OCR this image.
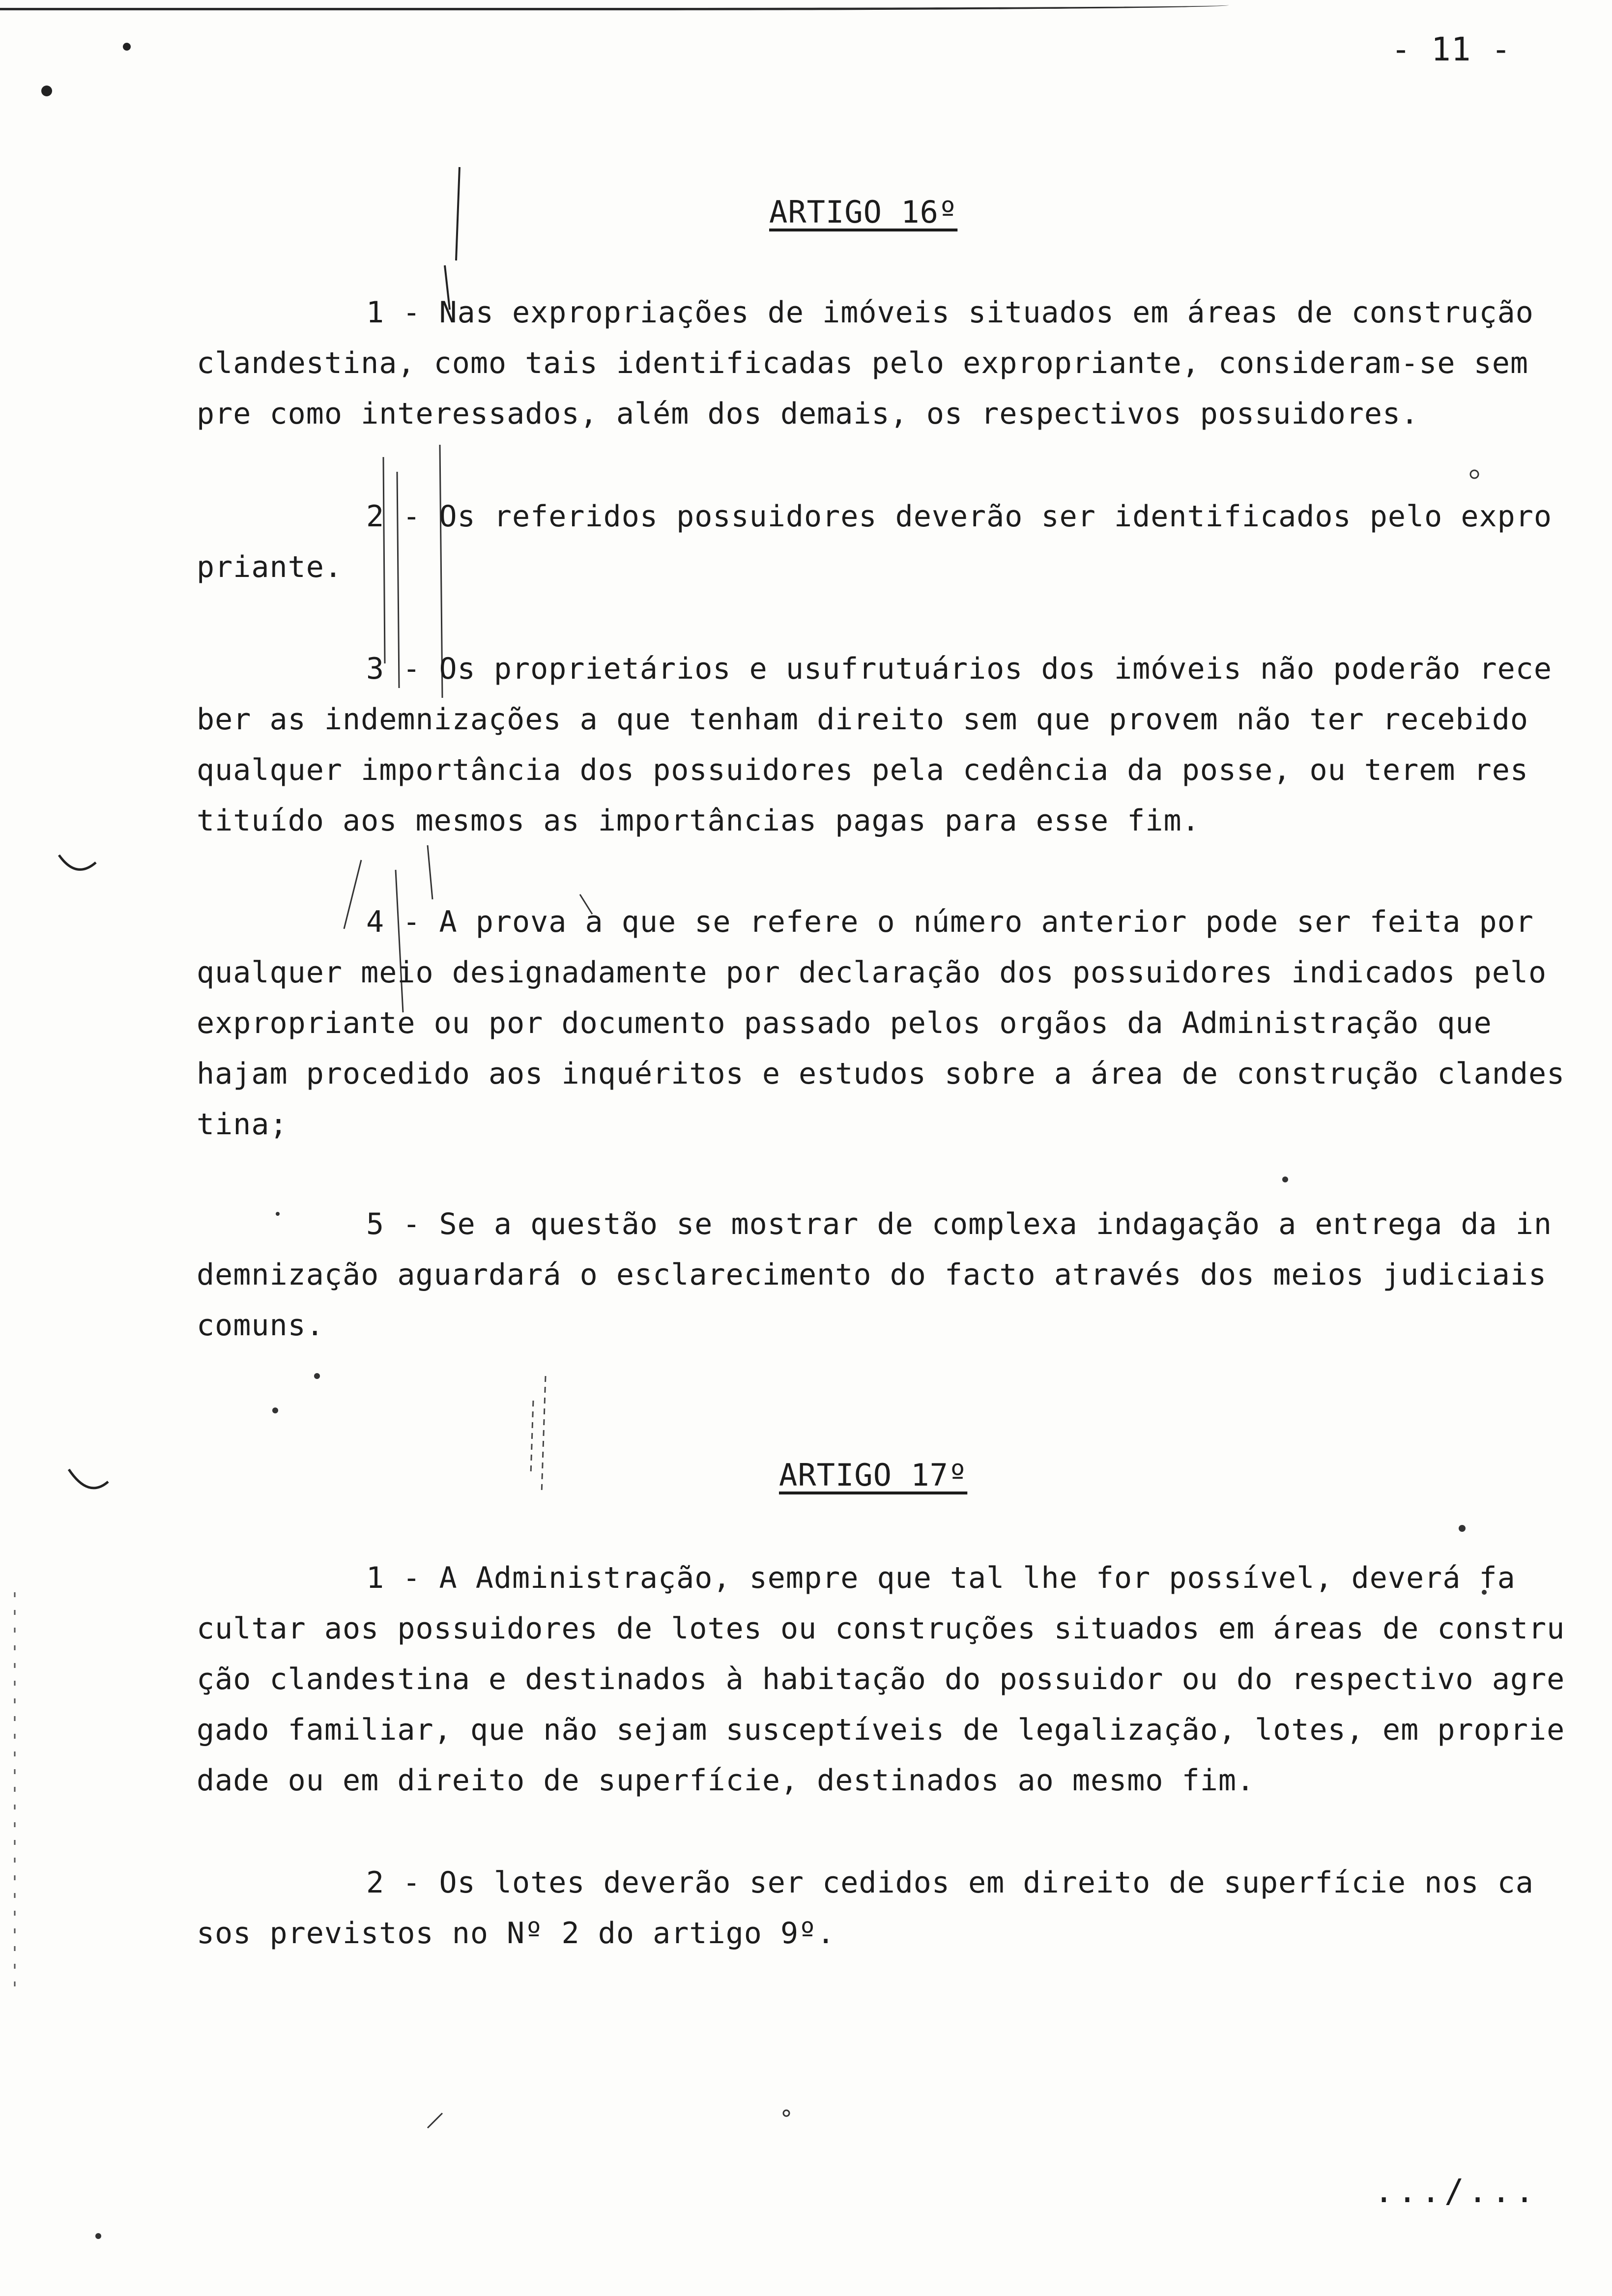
- 11 -
ARTIGO 16º
1 - Nas expropriações de imóveis situados em áreas de construção
clandestina, como tais identificadas pelo expropriante, consideram-se sem
pre como interessados, além dos demais, os respectivos possuidores.
2 - Os referidos possuidores deverão ser identificados pelo expro
priante.
3 - Os proprietários e usufrutuários dos imóveis não poderão rece
ber as indemnizações a que tenham direito sem que provem não ter recebido
qualquer importância dos possuidores pela cedência da posse, ou terem res
tituído aos mesmos as importâncias pagas para esse fim.
4 - A prova a que se refere o número anterior pode ser feita por
qualquer meio designadamente por declaração dos possuidores indicados pelo
expropriante ou por documento passado pelos orgãos da Administração que
hajam procedido aos inquéritos e estudos sobre a área de construção clandes
tina;
5 - Se a questão se mostrar de complexa indagação a entrega da in
demnização aguardará o esclarecimento do facto através dos meios judiciais
comuns.
ARTIGO 17º
1 - A Administração, sempre que tal lhe for possível, deverá fa
cultar aos possuidores de lotes ou construções situados em áreas de constru
ção clandestina e destinados à habitação do possuidor ou do respectivo agre
gado familiar, que não sejam susceptíveis de legalização, lotes, em proprie
dade ou em direito de superfície, destinados ao mesmo fim.
2 - Os lotes deverão ser cedidos em direito de superfície nos ca
sos previstos no Nº 2 do artigo 9º.
.../...
